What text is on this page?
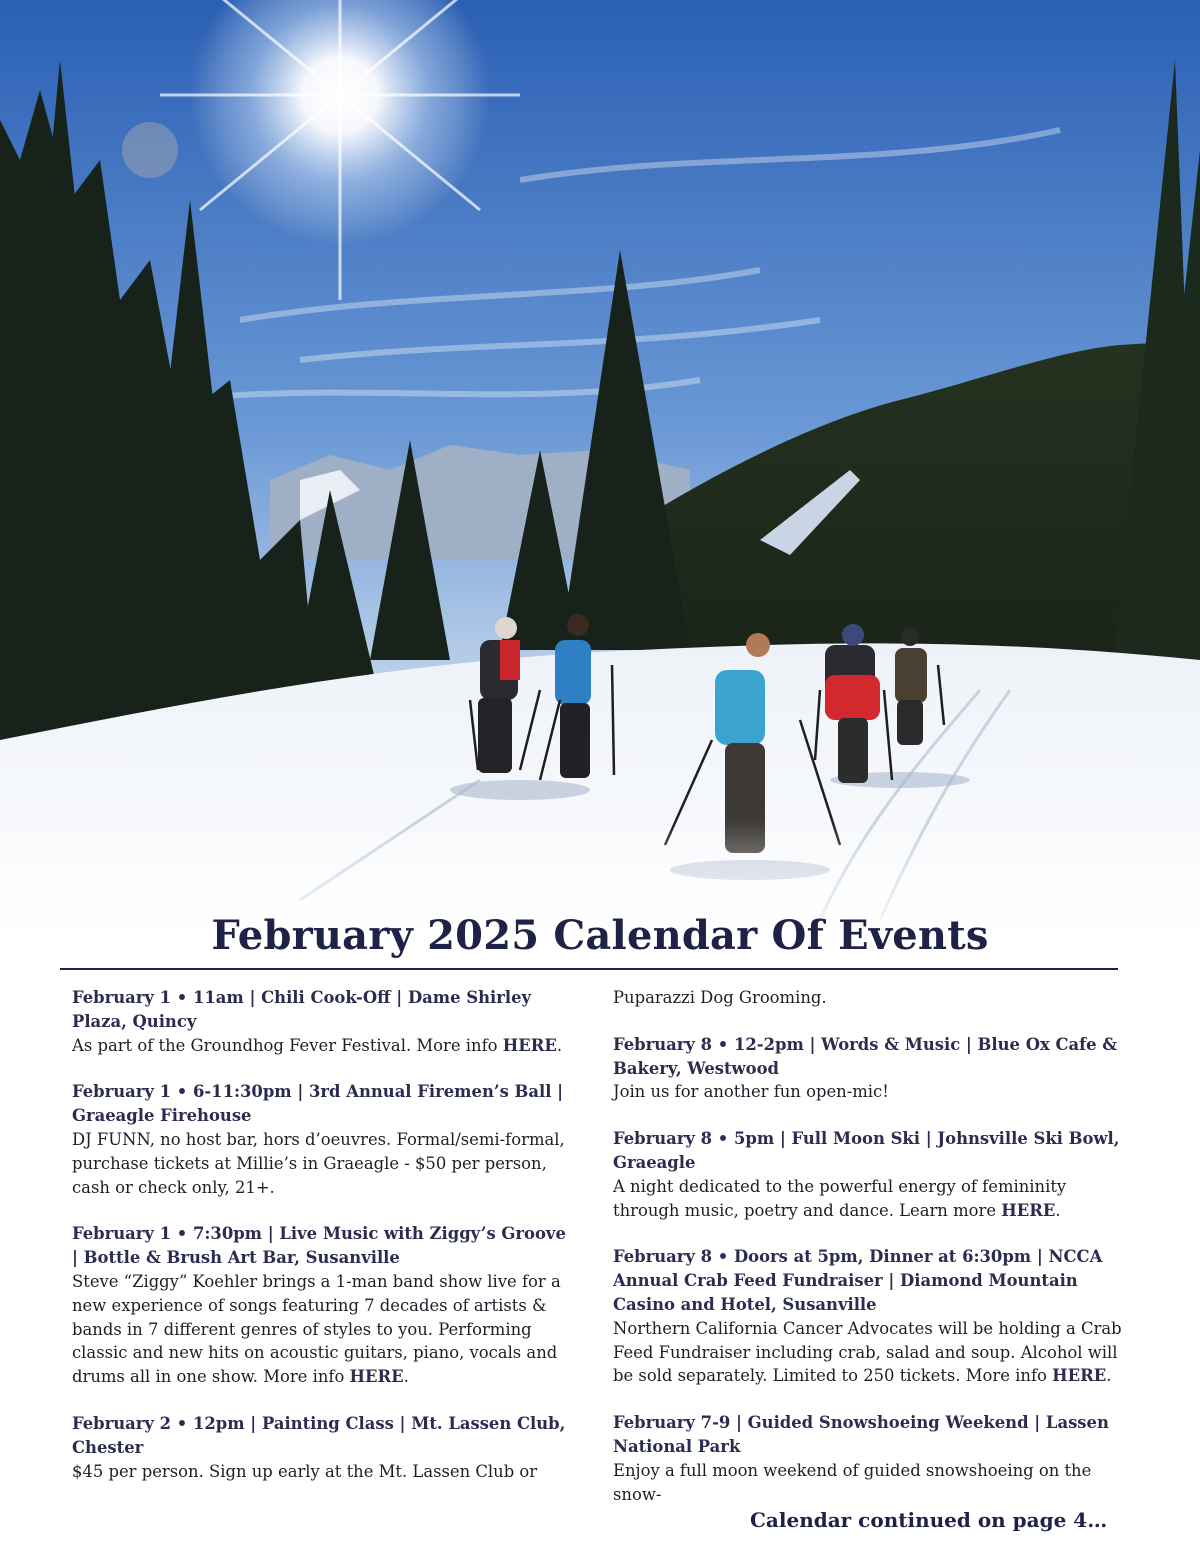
February 2025 Calendar Of Events
February 1 • 11am | Chili Cook-Off | Dame Shirley Plaza, Quincy
As part of the Groundhog Fever Festival. More info HERE.
February 1 • 6-11:30pm | 3rd Annual Firemen’s Ball | Graeagle Firehouse
DJ FUNN, no host bar, hors d’oeuvres. Formal/semi-formal, purchase tickets at Millie’s in Graeagle - $50 per person, cash or check only, 21+.
February 1 • 7:30pm | Live Music with Ziggy’s Groove | Bottle & Brush Art Bar, Susanville
Steve “Ziggy” Koehler brings a 1-man band show live for a new experience of songs featuring 7 decades of artists & bands in 7 different genres of styles to you. Performing classic and new hits on acoustic guitars, piano, vocals and drums all in one show. More info HERE.
February 2 • 12pm | Painting Class | Mt. Lassen Club, Chester
$45 per person. Sign up early at the Mt. Lassen Club or
Puparazzi Dog Grooming.
February 8 • 12-2pm | Words & Music | Blue Ox Cafe & Bakery, Westwood
Join us for another fun open-mic!
February 8 • 5pm | Full Moon Ski | Johnsville Ski Bowl, Graeagle
A night dedicated to the powerful energy of femininity through music, poetry and dance. Learn more HERE.
February 8 • Doors at 5pm, Dinner at 6:30pm | NCCA Annual Crab Feed Fundraiser | Diamond Mountain Casino and Hotel, Susanville
Northern California Cancer Advocates will be holding a Crab Feed Fundraiser including crab, salad and soup. Alcohol will be sold separately. Limited to 250 tickets. More info HERE.
February 7-9 | Guided Snowshoeing Weekend | Lassen National Park
Enjoy a full moon weekend of guided snowshoeing on the snow-
Calendar continued on page 4…
